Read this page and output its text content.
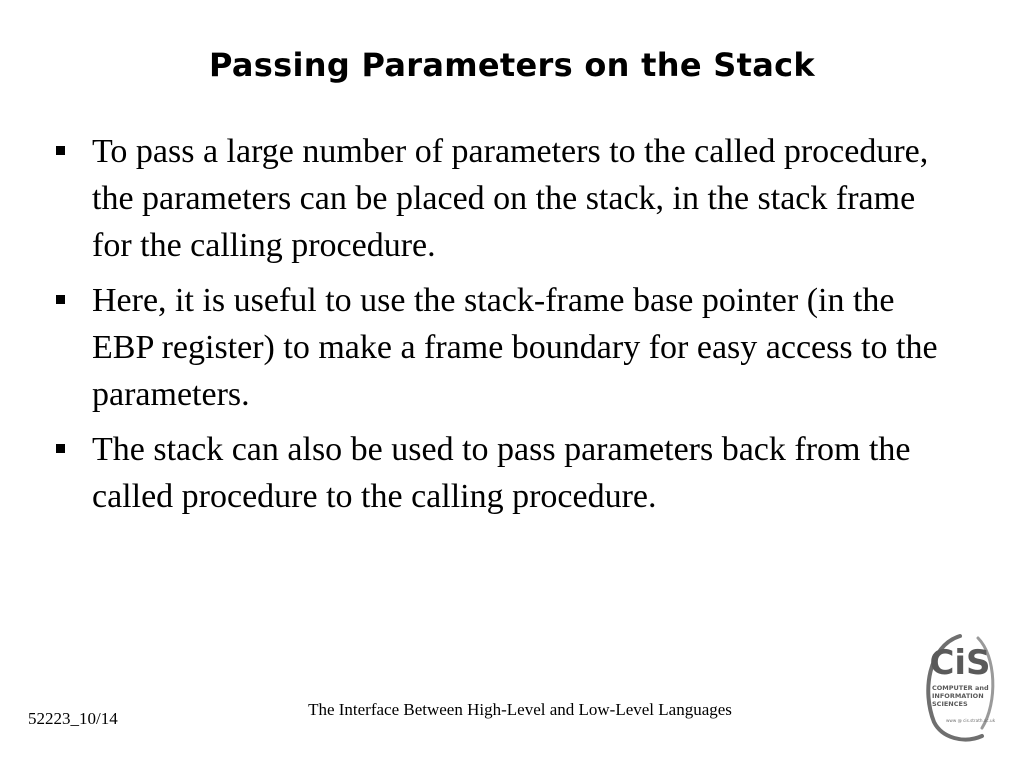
Passing Parameters on the Stack
To pass a large number of parameters to the called procedure, the parameters can be placed on the stack, in the stack frame for the calling procedure.
Here, it is useful to use the stack-frame base pointer (in the EBP register) to make a frame boundary for easy access to the parameters.
The stack can also be used to pass parameters back from the called procedure to the calling procedure.
52223_10/14	The Interface Between High-Level and Low-Level Languages
CiS
COMPUTER and
INFORMATION
SCIENCES
www @ cis.strath.ac.uk
